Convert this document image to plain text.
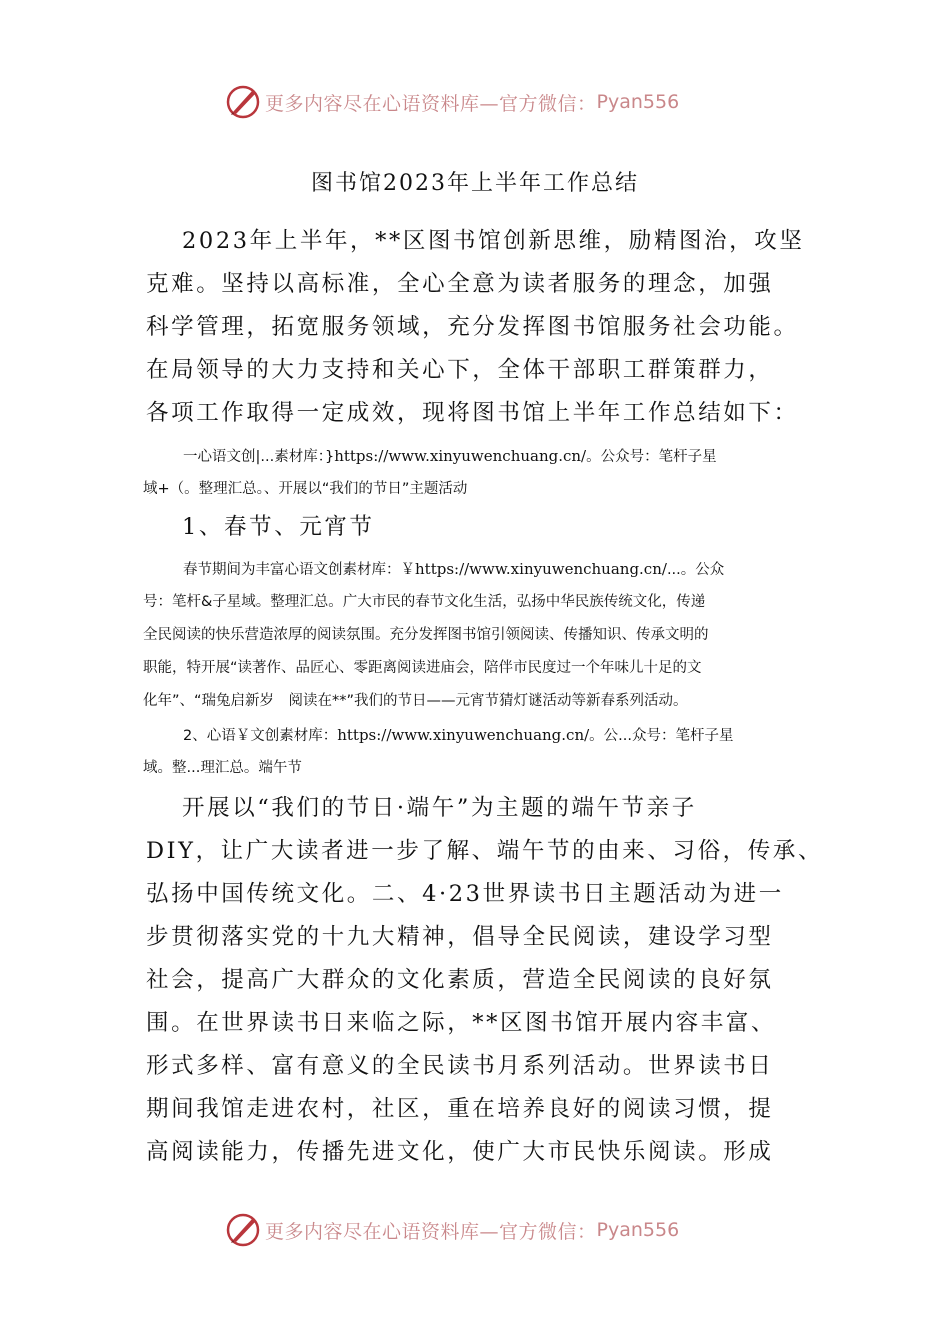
更多内容尽在心语资料库—官方微信： Pyan556
图书馆2023年上半年工作总结
2023年上半年，**区图书馆创新思维，励精图治，攻坚
克难。坚持以高标准，全心全意为读者服务的理念，加强
科学管理，拓宽服务领域，充分发挥图书馆服务社会功能。
在局领导的大力支持和关心下，全体干部职工群策群力，
各项工作取得一定成效，现将图书馆上半年工作总结如下：
一心语文创|...素材库：}https://www.xinyuwenchuang.cn/。公众号：笔杆子星
域+（。整理汇总。、开展以“我们的节日”主题活动
1、春节、元宵节
春节期间为丰富心语文创素材库：￥https://www.xinyuwenchuang.cn/...。公众
号：笔杆&子星域。整理汇总。广大市民的春节文化生活，弘扬中华民族传统文化，传递
全民阅读的快乐营造浓厚的阅读氛围。充分发挥图书馆引领阅读、传播知识、传承文明的
职能，特开展“读著作、品匠心、零距离阅读进庙会，陪伴市民度过一个年味儿十足的文
化年”、“瑞兔启新岁　阅读在**”我们的节日——元宵节猜灯谜活动等新春系列活动。
2、心语￥文创素材库：https://www.xinyuwenchuang.cn/。公...众号：笔杆子星
域。整...理汇总。端午节
开展以“我们的节日·端午”为主题的端午节亲子
DIY，让广大读者进一步了解、端午节的由来、习俗，传承、
弘扬中国传统文化。二、4·23世界读书日主题活动为进一
步贯彻落实党的十九大精神，倡导全民阅读，建设学习型
社会，提高广大群众的文化素质，营造全民阅读的良好氛
围。在世界读书日来临之际，**区图书馆开展内容丰富、
形式多样、富有意义的全民读书月系列活动。世界读书日
期间我馆走进农村，社区，重在培养良好的阅读习惯，提
高阅读能力，传播先进文化，使广大市民快乐阅读。形成
更多内容尽在心语资料库—官方微信： Pyan556
